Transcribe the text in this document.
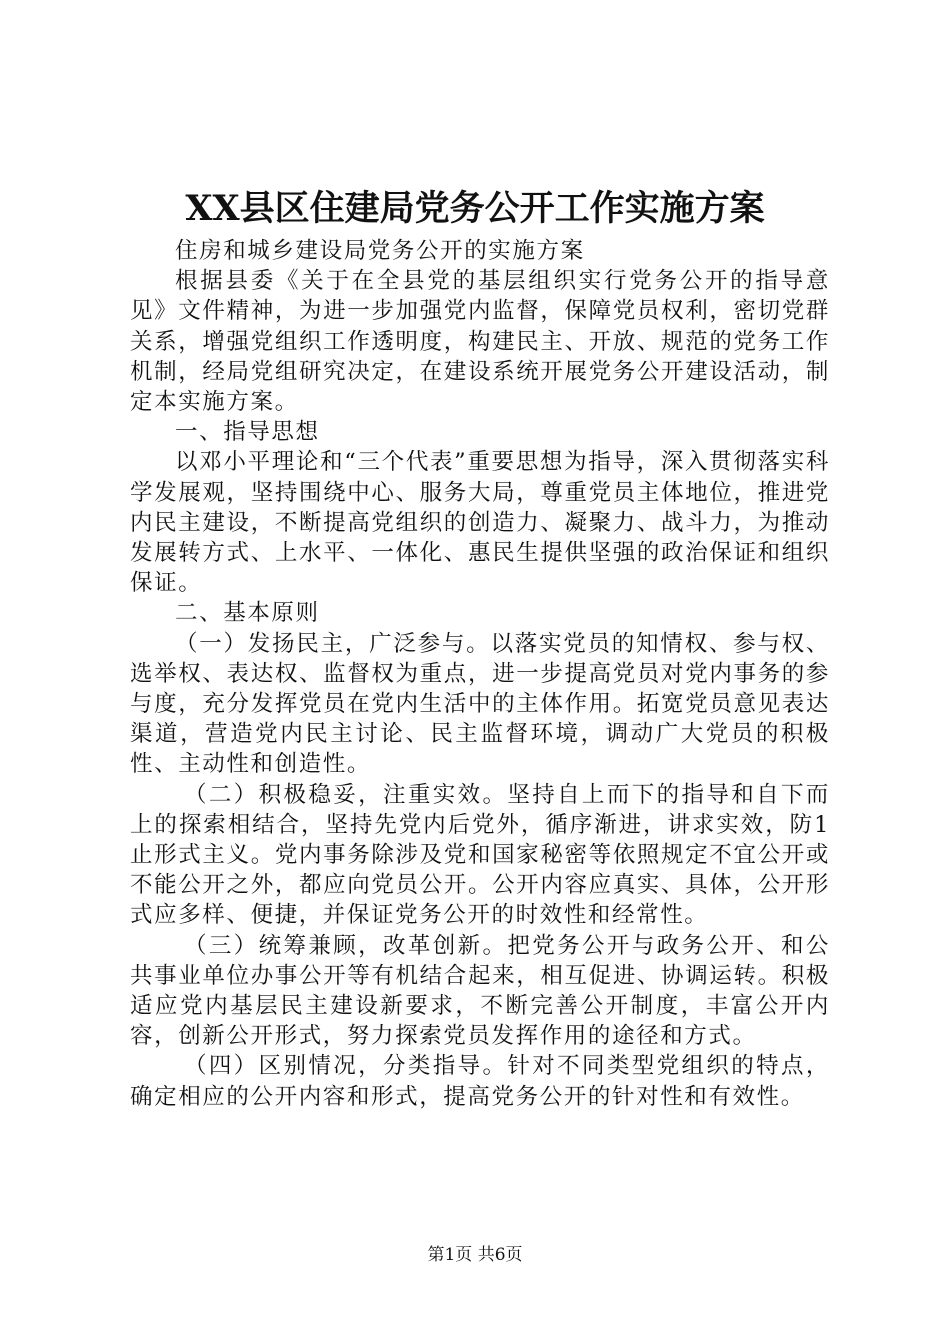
XX县区住建局党务公开工作实施方案

住房和城乡建设局党务公开的实施方案

根据县委《关于在全县党的基层组织实行党务公开的指导意见》文件精神，为进一步加强党内监督，保障党员权利，密切党群关系，增强党组织工作透明度，构建民主、开放、规范的党务工作机制，经局党组研究决定，在建设系统开展党务公开建设活动，制定本实施方案。

一、指导思想

以邓小平理论和“三个代表”重要思想为指导，深入贯彻落实科学发展观，坚持围绕中心、服务大局，尊重党员主体地位，推进党内民主建设，不断提高党组织的创造力、凝聚力、战斗力，为推动发展转方式、上水平、一体化、惠民生提供坚强的政治保证和组织保证。

二、基本原则

（一）发扬民主，广泛参与。以落实党员的知情权、参与权、选举权、表达权、监督权为重点，进一步提高党员对党内事务的参与度，充分发挥党员在党内生活中的主体作用。拓宽党员意见表达渠道，营造党内民主讨论、民主监督环境，调动广大党员的积极性、主动性和创造性。

（二）积极稳妥，注重实效。坚持自上而下的指导和自下而上的探索相结合，坚持先党内后党外，循序渐进，讲求实效，防1止形式主义。党内事务除涉及党和国家秘密等依照规定不宜公开或不能公开之外，都应向党员公开。公开内容应真实、具体，公开形式应多样、便捷，并保证党务公开的时效性和经常性。

（三）统筹兼顾，改革创新。把党务公开与政务公开、和公共事业单位办事公开等有机结合起来，相互促进、协调运转。积极适应党内基层民主建设新要求，不断完善公开制度，丰富公开内容，创新公开形式，努力探索党员发挥作用的途径和方式。

（四）区别情况，分类指导。针对不同类型党组织的特点，确定相应的公开内容和形式，提高党务公开的针对性和有效性。

第1页 共6页
